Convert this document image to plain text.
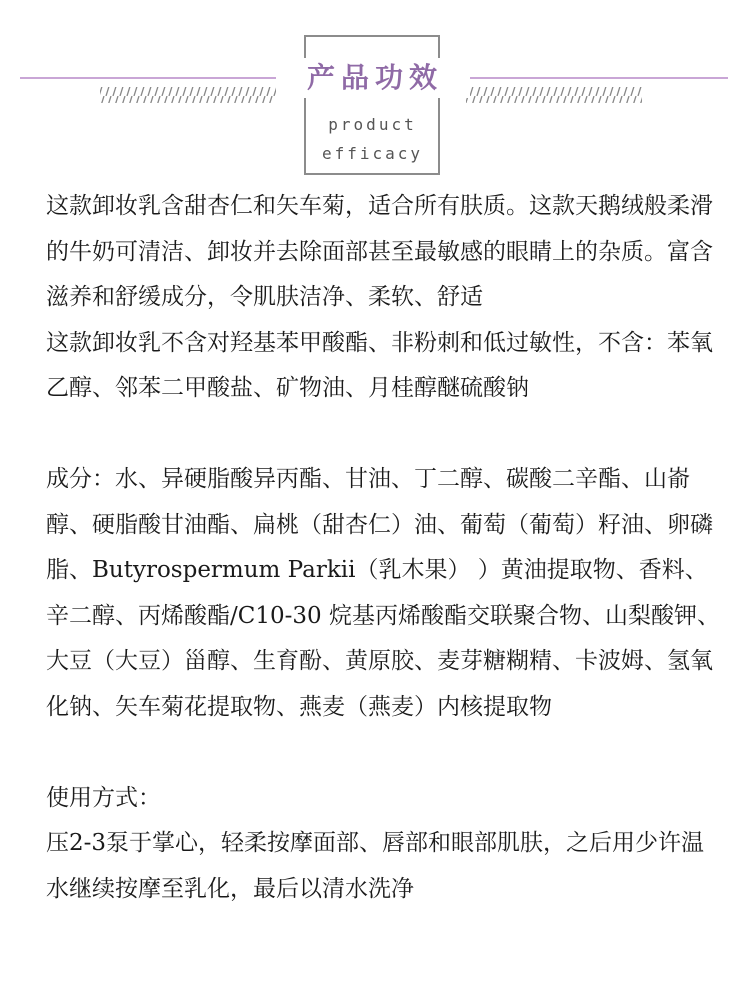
产品功效
product
efficacy

这款卸妆乳含甜杏仁和矢车菊，适合所有肤质。这款天鹅绒般柔滑的牛奶可清洁、卸妆并去除面部甚至最敏感的眼睛上的杂质。富含滋养和舒缓成分，令肌肤洁净、柔软、舒适

这款卸妆乳不含对羟基苯甲酸酯、非粉刺和低过敏性，不含：苯氧乙醇、邻苯二甲酸盐、矿物油、月桂醇醚硫酸钠

成分：水、异硬脂酸异丙酯、甘油、丁二醇、碳酸二辛酯、山嵛醇、硬脂酸甘油酯、扁桃（甜杏仁）油、葡萄（葡萄）籽油、卵磷脂、Butyrospermum Parkii（乳木果） ）黄油提取物、香料、辛二醇、丙烯酸酯/C10-30 烷基丙烯酸酯交联聚合物、山梨酸钾、大豆（大豆）甾醇、生育酚、黄原胶、麦芽糖糊精、卡波姆、氢氧化钠、矢车菊花提取物、燕麦（燕麦）内核提取物

使用方式：

压2-3泵于掌心，轻柔按摩面部、唇部和眼部肌肤，之后用少许温水继续按摩至乳化，最后以清水洗净
